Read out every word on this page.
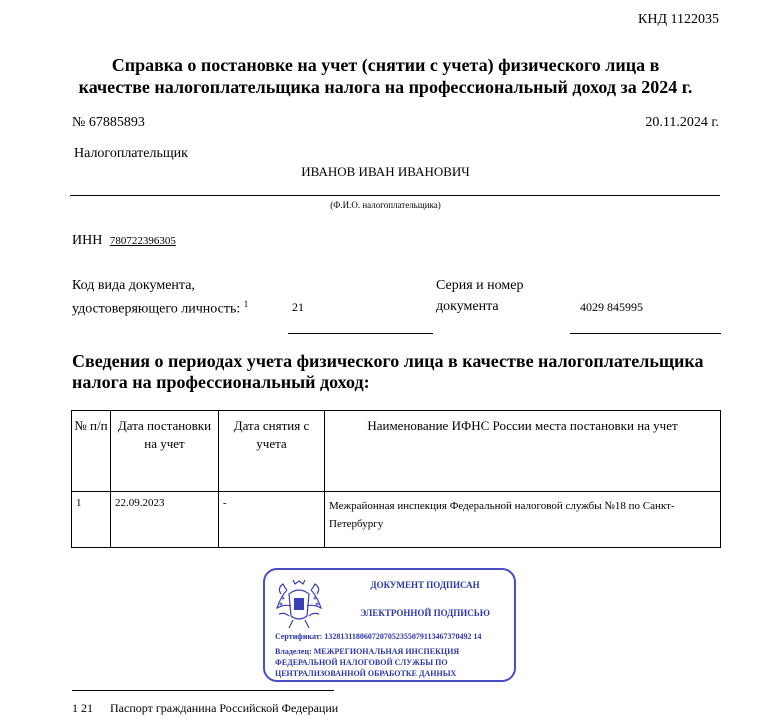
КНД 1122035
Справка о постановке на учет (снятии с учета) физического лица в
качестве налогоплательщика налога на профессиональный доход за 2024 г.
№ 67885893	20.11.2024 г.
Налогоплательщик
ИВАНОВ ИВАН ИВАНОВИЧ
(Ф.И.О. налогоплательщика)
ИНН 780722396305
Код вида документа,
удостоверяющего личность: $^1$	21
Серия и номер
документа	4029 845995
Сведения о периодах учета физического лица в качестве налогоплательщика
налога на профессиональный доход:
№ п/п	Дата постановки на учет	Дата снятия с учета	Наименование ИФНС России места постановки на учет
1	22.09.2023	-	Межрайонная инспекция Федеральной налоговой службы №18 по Санкт-Петербургу
ДОКУМЕНТ ПОДПИСАН
ЭЛЕКТРОННОЙ ПОДПИСЬЮ
Сертификат: 1328131180607207052355079113467370492 14
Владелец: МЕЖРЕГИОНАЛЬНАЯ ИНСПЕКЦИЯ
ФЕДЕРАЛЬНОЙ НАЛОГОВОЙ СЛУЖБЫ ПО
ЦЕНТРАЛИЗОВАННОЙ ОБРАБОТКЕ ДАННЫХ
1 21 Паспорт гражданина Российской Федерации
